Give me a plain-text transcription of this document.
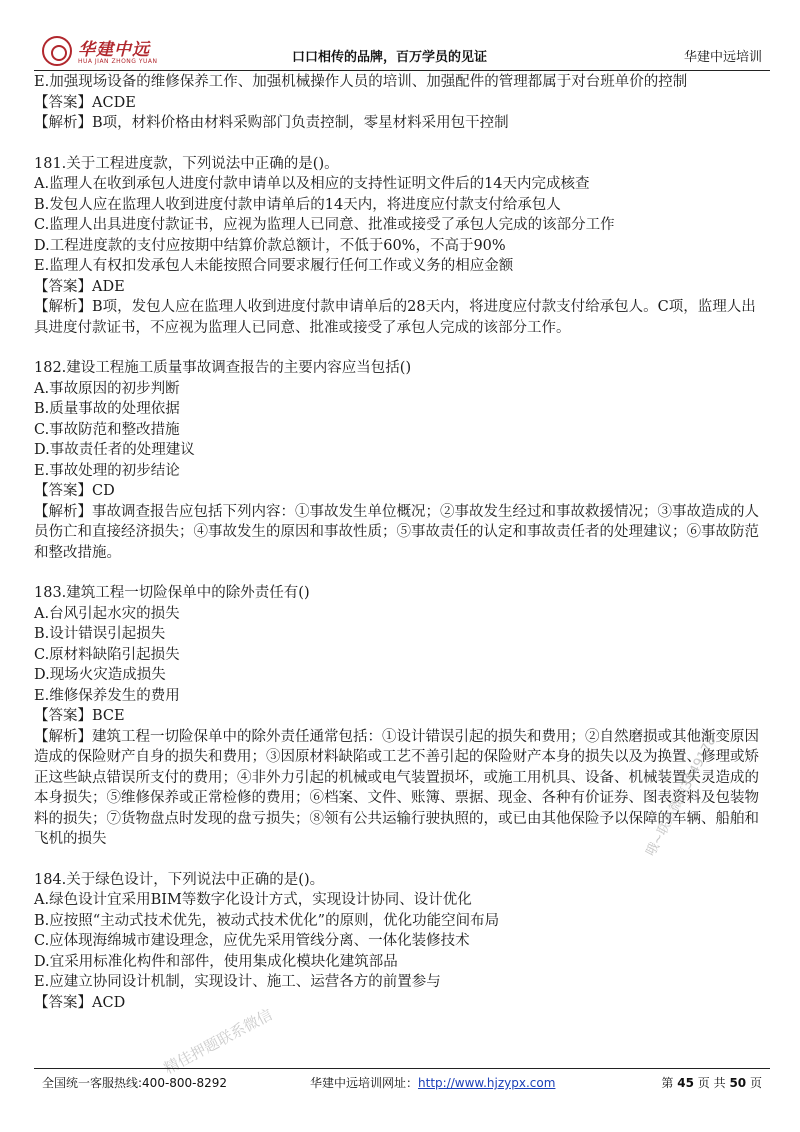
华建中远
HUA JIAN ZHONG YUAN	口口相传的品牌，百万学员的见证	华建中远培训

E.加强现场设备的维修保养工作、加强机械操作人员的培训、加强配件的管理都属于对台班单价的控制

【答案】ACDE

【解析】B项，材料价格由材料采购部门负责控制，零星材料采用包干控制

181.关于工程进度款，下列说法中正确的是()。

A.监理人在收到承包人进度付款申请单以及相应的支持性证明文件后的14天内完成核查

B.发包人应在监理人收到进度付款申请单后的14天内，将进度应付款支付给承包人

C.监理人出具进度付款证书，应视为监理人已同意、批准或接受了承包人完成的该部分工作

D.工程进度款的支付应按期中结算价款总额计，不低于60%，不高于90%

E.监理人有权扣发承包人未能按照合同要求履行任何工作或义务的相应金额

【答案】ADE

【解析】B项，发包人应在监理人收到进度付款申请单后的28天内，将进度应付款支付给承包人。C项，监理人出具进度付款证书，不应视为监理人已同意、批准或接受了承包人完成的该部分工作。

182.建设工程施工质量事故调查报告的主要内容应当包括()

A.事故原因的初步判断

B.质量事故的处理依据

C.事故防范和整改措施

D.事故责任者的处理建议

E.事故处理的初步结论

【答案】CD

【解析】事故调查报告应包括下列内容：①事故发生单位概况；②事故发生经过和事故救援情况；③事故造成的人员伤亡和直接经济损失；④事故发生的原因和事故性质；⑤事故责任的认定和事故责任者的处理建议；⑥事故防范和整改措施。

183.建筑工程一切险保单中的除外责任有()

A.台风引起水灾的损失

B.设计错误引起损失

C.原材料缺陷引起损失

D.现场火灾造成损失

E.维修保养发生的费用

【答案】BCE

【解析】建筑工程一切险保单中的除外责任通常包括：①设计错误引起的损失和费用；②自然磨损或其他渐变原因造成的保险财产自身的损失和费用；③因原材料缺陷或工艺不善引起的保险财产本身的损失以及为换置、修理或矫正这些缺点错误所支付的费用；④非外力引起的机械或电气装置损坏，或施工用机具、设备、机械装置失灵造成的本身损失；⑤维修保养或正常检修的费用；⑥档案、文件、账簿、票据、现金、各种有价证券、图表资料及包装物料的损失；⑦货物盘点时发现的盘亏损失；⑧领有公共运输行驶执照的，或已由其他保险予以保障的车辆、船舶和飞机的损失

184.关于绿色设计，下列说法中正确的是()。

A.绿色设计宜采用BIM等数字化设计方式，实现设计协同、设计优化

B.应按照“主动式技术优先，被动式技术优化”的原则，优化功能空间布局

C.应体现海绵城市建设理念，应优先采用管线分离、一体化装修技术

D.宜采用标准化构件和部件，使用集成化模块化建筑部品

E.应建立协同设计机制，实现设计、施工、运营各方的前置参与

【答案】ACD

哦~联系微信3849178
精佳押题联系微信
全国统一客服热线:400-800-8292	华建中远培训网址：http://www.hjzypx.com	第 45 页 共 50 页
